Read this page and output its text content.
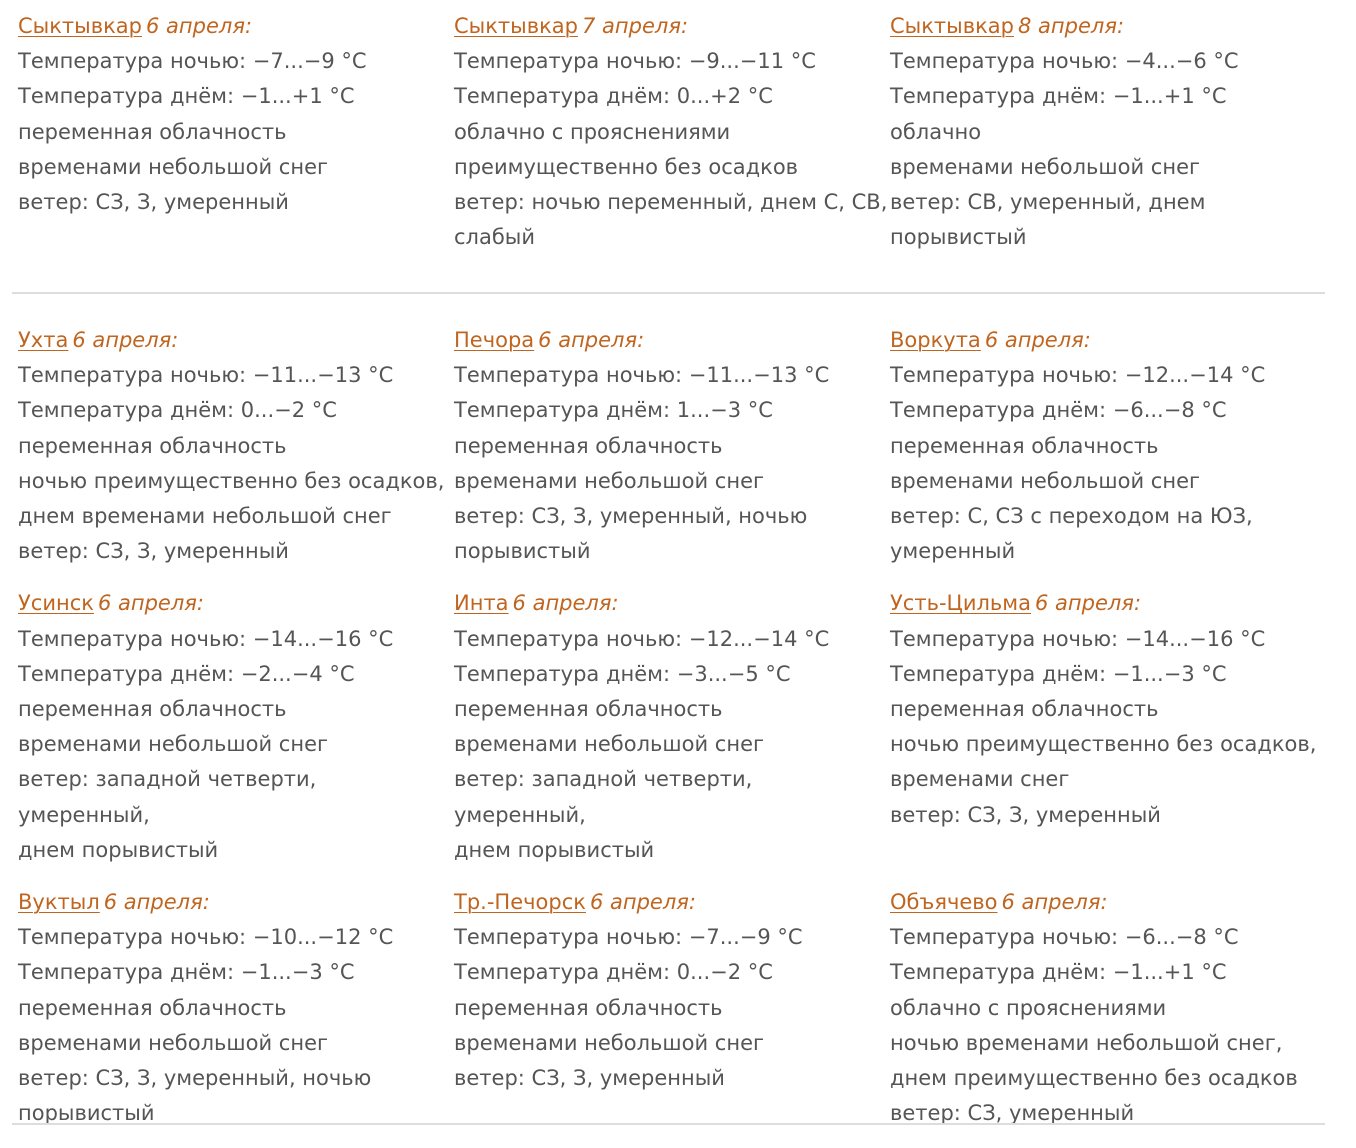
Сыктывкар 6 апреля:
Температура ночью: −7...−9 °С
Температура днём: −1...+1 °С
переменная облачность
временами небольшой снег
ветер: СЗ, З, умеренный
Сыктывкар 7 апреля:
Температура ночью: −9...−11 °С
Температура днём: 0...+2 °С
облачно с прояснениями
преимущественно без осадков
ветер: ночью переменный, днем С, СВ,
слабый
Сыктывкар 8 апреля:
Температура ночью: −4...−6 °С
Температура днём: −1...+1 °С
облачно
временами небольшой снег
ветер: СВ, умеренный, днем
порывистый
Ухта 6 апреля:
Температура ночью: −11...−13 °С
Температура днём: 0...−2 °С
переменная облачность
ночью преимущественно без осадков,
днем временами небольшой снег
ветер: СЗ, З, умеренный
Печора 6 апреля:
Температура ночью: −11...−13 °С
Температура днём: 1...−3 °С
переменная облачность
временами небольшой снег
ветер: СЗ, З, умеренный, ночью
порывистый
Воркута 6 апреля:
Температура ночью: −12...−14 °С
Температура днём: −6...−8 °С
переменная облачность
временами небольшой снег
ветер: С, СЗ с переходом на ЮЗ,
умеренный
Усинск 6 апреля:
Температура ночью: −14...−16 °С
Температура днём: −2...−4 °С
переменная облачность
временами небольшой снег
ветер: западной четверти, умеренный,
днем порывистый
Инта 6 апреля:
Температура ночью: −12...−14 °С
Температура днём: −3...−5 °С
переменная облачность
временами небольшой снег
ветер: западной четверти, умеренный,
днем порывистый
Усть-Цильма 6 апреля:
Температура ночью: −14...−16 °С
Температура днём: −1...−3 °С
переменная облачность
ночью преимущественно без осадков,
временами снег
ветер: СЗ, З, умеренный
Вуктыл 6 апреля:
Температура ночью: −10...−12 °С
Температура днём: −1...−3 °С
переменная облачность
временами небольшой снег
ветер: СЗ, З, умеренный, ночью
порывистый
Тр.-Печорск 6 апреля:
Температура ночью: −7...−9 °С
Температура днём: 0...−2 °С
переменная облачность
временами небольшой снег
ветер: СЗ, З, умеренный
Объячево 6 апреля:
Температура ночью: −6...−8 °С
Температура днём: −1...+1 °С
облачно с прояснениями
ночью временами небольшой снег,
днем преимущественно без осадков
ветер: СЗ, умеренный
